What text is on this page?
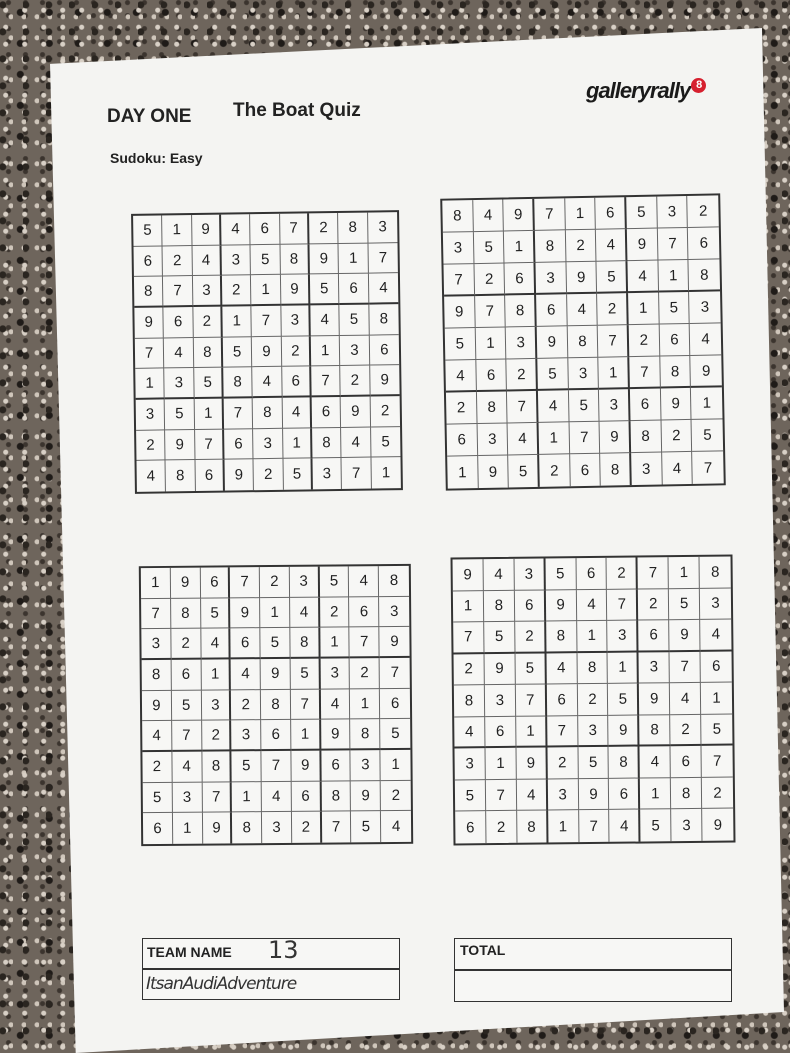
DAY ONE The Boat Quiz
Sudoku: Easy
galleryrally 8
5	1	9	4	6	7	2	8	3
6	2	4	3	5	8	9	1	7
8	7	3	2	1	9	5	6	4
9	6	2	1	7	3	4	5	8
7	4	8	5	9	2	1	3	6
1	3	5	8	4	6	7	2	9
3	5	1	7	8	4	6	9	2
2	9	7	6	3	1	8	4	5
4	8	6	9	2	5	3	7	1
8	4	9	7	1	6	5	3	2
3	5	1	8	2	4	9	7	6
7	2	6	3	9	5	4	1	8
9	7	8	6	4	2	1	5	3
5	1	3	9	8	7	2	6	4
4	6	2	5	3	1	7	8	9
2	8	7	4	5	3	6	9	1
6	3	4	1	7	9	8	2	5
1	9	5	2	6	8	3	4	7
1	9	6	7	2	3	5	4	8
7	8	5	9	1	4	2	6	3
3	2	4	6	5	8	1	7	9
8	6	1	4	9	5	3	2	7
9	5	3	2	8	7	4	1	6
4	7	2	3	6	1	9	8	5
2	4	8	5	7	9	6	3	1
5	3	7	1	4	6	8	9	2
6	1	9	8	3	2	7	5	4
9	4	3	5	6	2	7	1	8
1	8	6	9	4	7	2	5	3
7	5	2	8	1	3	6	9	4
2	9	5	4	8	1	3	7	6
8	3	7	6	2	5	9	4	1
4	6	1	7	3	9	8	2	5
3	1	9	2	5	8	4	6	7
5	7	4	3	9	6	1	8	2
6	2	8	1	7	4	5	3	9
TEAM NAME 13
ItsanAudiAdventure
TOTAL
